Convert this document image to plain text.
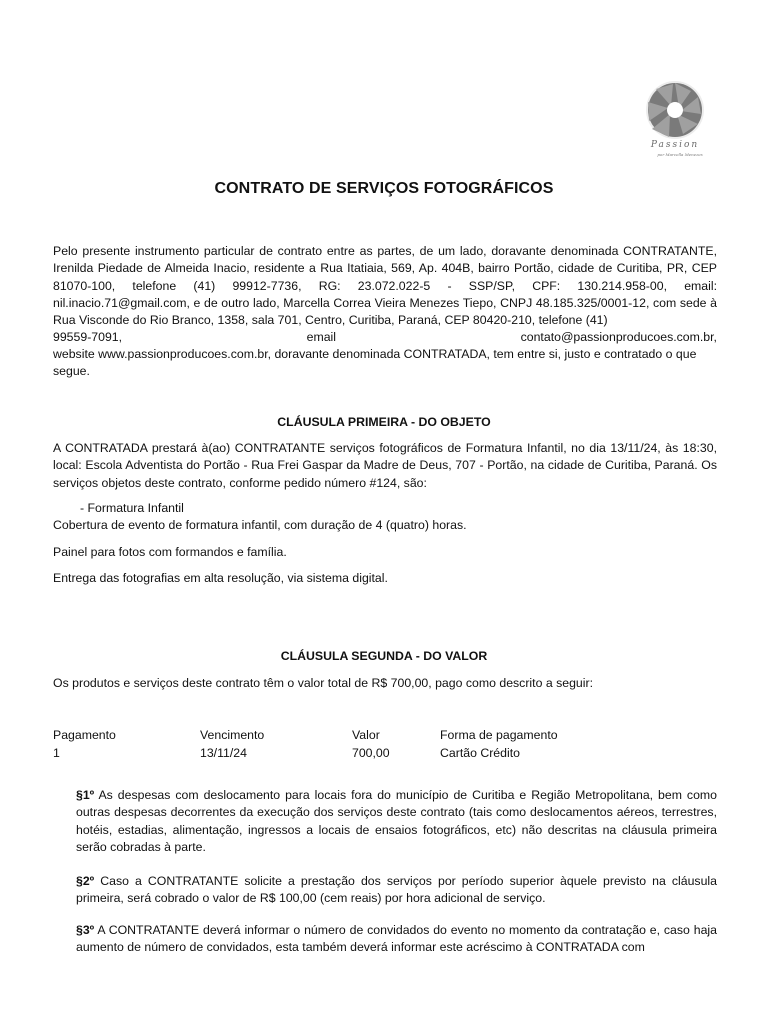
Passion
por Marcella Menezes
CONTRATO DE SERVIÇOS FOTOGRÁFICOS

Pelo presente instrumento particular de contrato entre as partes, de um lado, doravante denominada CONTRATANTE, Irenilda Piedade de Almeida Inacio, residente a Rua Itatiaia, 569, Ap. 404B, bairro Portão, cidade de Curitiba, PR, CEP 81070-100, telefone (41) 99912-7736, RG: 23.072.022-5 - SSP/SP, CPF: 130.214.958-00, email: nil.inacio.71@gmail.com, e de outro lado, Marcella Correa Vieira Menezes Tiepo, CNPJ 48.185.325/0001-12, com sede à Rua Visconde do Rio Branco, 1358, sala 701, Centro, Curitiba, Paraná, CEP 80420-210, telefone (41)

99559-7091,	email	contato@passionproducoes.com.br,

website www.passionproducoes.com.br, doravante denominada CONTRATADA, tem entre si, justo e contratado o que segue.

CLÁUSULA PRIMEIRA - DO OBJETO

A CONTRATADA prestará à(ao) CONTRATANTE serviços fotográficos de Formatura Infantil, no dia 13/11/24, às 18:30, local: Escola Adventista do Portão - Rua Frei Gaspar da Madre de Deus, 707 - Portão, na cidade de Curitiba, Paraná. Os serviços objetos deste contrato, conforme pedido número #124, são:

- Formatura Infantil
Cobertura de evento de formatura infantil, com duração de 4 (quatro) horas.
Painel para fotos com formandos e família.
Entrega das fotografias em alta resolução, via sistema digital.
CLÁUSULA SEGUNDA - DO VALOR
Os produtos e serviços deste contrato têm o valor total de R$ 700,00, pago como descrito a seguir:
Pagamento	Vencimento	Valor	Forma de pagamento
1	13/11/24	700,00	Cartão Crédito

§1º As despesas com deslocamento para locais fora do município de Curitiba e Região Metropolitana, bem como outras despesas decorrentes da execução dos serviços deste contrato (tais como deslocamentos aéreos, terrestres, hotéis, estadias, alimentação, ingressos a locais de ensaios fotográficos, etc) não descritas na cláusula primeira serão cobradas à parte.

§2º Caso a CONTRATANTE solicite a prestação dos serviços por período superior àquele previsto na cláusula primeira, será cobrado o valor de R$ 100,00 (cem reais) por hora adicional de serviço.

§3º A CONTRATANTE deverá informar o número de convidados do evento no momento da contratação e, caso haja aumento de número de convidados, esta também deverá informar este acréscimo à CONTRATADA com
